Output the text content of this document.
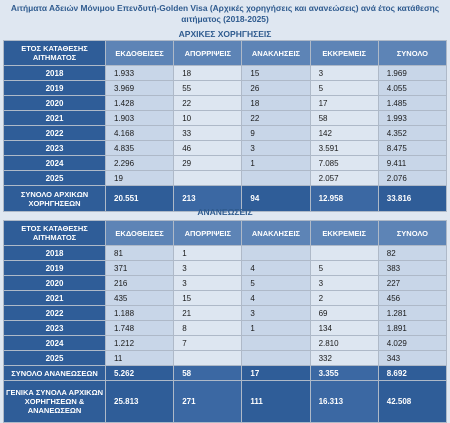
Αιτήματα Αδειών Μόνιμου Επενδυτή-Golden Visa (Αρχικές χορηγήσεις και ανανεώσεις) ανά έτος κατάθεσης
αιτήματος (2018-2025)
ΑΡΧΙΚΕΣ ΧΟΡΗΓΗΣΕΙΣ
ΕΤΟΣ ΚΑΤΑΘΕΣΗΣ ΑΙΤΗΜΑΤΟΣ	ΕΚΔΟΘΕΙΣΕΣ	ΑΠΟΡΡΙΨΕΙΣ	ΑΝΑΚΛΗΣΕΙΣ	ΕΚΚΡΕΜΕΙΣ	ΣΥΝΟΛΟ
2018	1.933	18	15	3	1.969
2019	3.969	55	26	5	4.055
2020	1.428	22	18	17	1.485
2021	1.903	10	22	58	1.993
2022	4.168	33	9	142	4.352
2023	4.835	46	3	3.591	8.475
2024	2.296	29	1	7.085	9.411
2025	19			2.057	2.076
ΣΥΝΟΛΟ ΑΡΧΙΚΩΝ ΧΟΡΗΓΗΣΕΩΝ	20.551	213	94	12.958	33.816
ΑΝΑΝΕΩΣΕΙΣ
ΕΤΟΣ ΚΑΤΑΘΕΣΗΣ ΑΙΤΗΜΑΤΟΣ	ΕΚΔΟΘΕΙΣΕΣ	ΑΠΟΡΡΙΨΕΙΣ	ΑΝΑΚΛΗΣΕΙΣ	ΕΚΚΡΕΜΕΙΣ	ΣΥΝΟΛΟ
2018	81	1			82
2019	371	3	4	5	383
2020	216	3	5	3	227
2021	435	15	4	2	456
2022	1.188	21	3	69	1.281
2023	1.748	8	1	134	1.891
2024	1.212	7		2.810	4.029
2025	11			332	343
ΣΥΝΟΛΟ ΑΝΑΝΕΩΣΕΩΝ	5.262	58	17	3.355	8.692
ΓΕΝΙΚΑ ΣΥΝΟΛΑ ΑΡΧΙΚΩΝ ΧΟΡΗΓΗΣΕΩΝ & ΑΝΑΝΕΩΣΕΩΝ	25.813	271	111	16.313	42.508
